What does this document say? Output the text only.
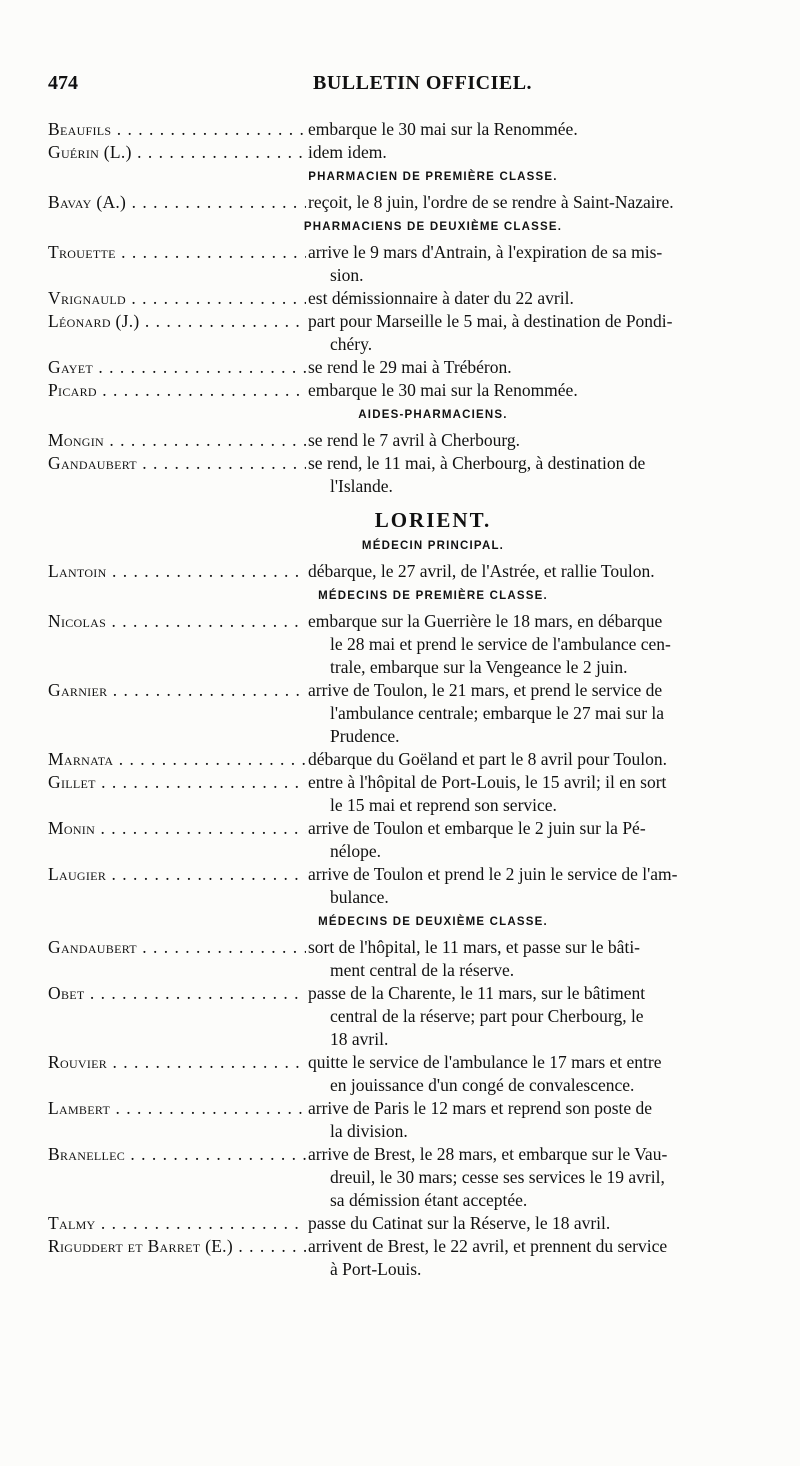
474	BULLETIN OFFICIEL.
Beaufils . . .	embarque le 30 mai sur la Renommée.
Guérin (L.) . . .	idem idem.
PHARMACIEN DE PREMIÈRE CLASSE.
Bavay (A.) . . .	reçoit, le 8 juin, l'ordre de se rendre à Saint-Nazaire.
PHARMACIENS DE DEUXIÈME CLASSE.
Trouette . . .	arrive le 9 mars d'Antrain, à l'expiration de sa mis-
sion.
Vrignauld . . .	est démissionnaire à dater du 22 avril.
Léonard (J.) . . .	part pour Marseille le 5 mai, à destination de Pondi-
chéry.
Gayet . . .	se rend le 29 mai à Trébéron.
Picard . . .	embarque le 30 mai sur la Renommée.
AIDES-PHARMACIENS.
Mongin . . .	se rend le 7 avril à Cherbourg.
Gandaubert . . .	se rend, le 11 mai, à Cherbourg, à destination de
l'Islande.
LORIENT.
MÉDECIN PRINCIPAL.
Lantoin . . .	débarque, le 27 avril, de l'Astrée, et rallie Toulon.
MÉDECINS DE PREMIÈRE CLASSE.
Nicolas . . .	embarque sur la Guerrière le 18 mars, en débarque
le 28 mai et prend le service de l'ambulance cen-
trale, embarque sur la Vengeance le 2 juin.
Garnier . . .	arrive de Toulon, le 21 mars, et prend le service de
l'ambulance centrale; embarque le 27 mai sur la
Prudence.
Marnata . . .	débarque du Goëland et part le 8 avril pour Toulon.
Gillet . . .	entre à l'hôpital de Port-Louis, le 15 avril; il en sort
le 15 mai et reprend son service.
Monin . . .	arrive de Toulon et embarque le 2 juin sur la Pé-
nélope.
Laugier . . .	arrive de Toulon et prend le 2 juin le service de l'am-
bulance.
MÉDECINS DE DEUXIÈME CLASSE.
Gandaubert . . .	sort de l'hôpital, le 11 mars, et passe sur le bâti-
ment central de la réserve.
Obet . . .	passe de la Charente, le 11 mars, sur le bâtiment
central de la réserve; part pour Cherbourg, le
18 avril.
Rouvier . . .	quitte le service de l'ambulance le 17 mars et entre
en jouissance d'un congé de convalescence.
Lambert . . .	arrive de Paris le 12 mars et reprend son poste de
la division.
Branellec . . .	arrive de Brest, le 28 mars, et embarque sur le Vau-
dreuil, le 30 mars; cesse ses services le 19 avril,
sa démission étant acceptée.
Talmy . . .	passe du Catinat sur la Réserve, le 18 avril.
Riguddert et Barret (E.) . . .	arrivent de Brest, le 22 avril, et prennent du service
à Port-Louis.
